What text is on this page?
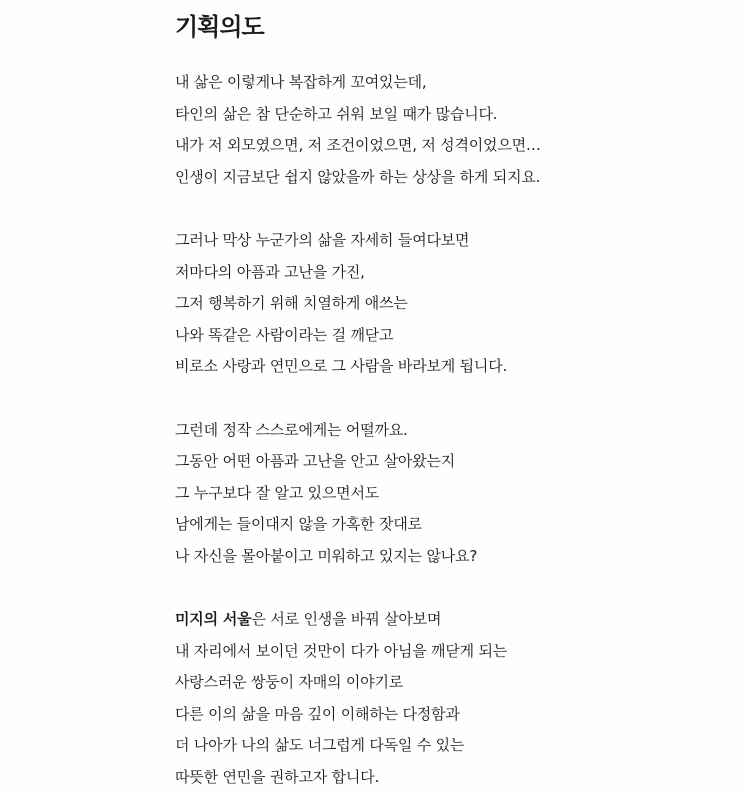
기획의도

내 삶은 이렇게나 복잡하게 꼬여있는데,
타인의 삶은 참 단순하고 쉬워 보일 때가 많습니다.
내가 저 외모였으면, 저 조건이었으면, 저 성격이었으면…
인생이 지금보단 쉽지 않았을까 하는 상상을 하게 되지요.

그러나 막상 누군가의 삶을 자세히 들여다보면
저마다의 아픔과 고난을 가진,
그저 행복하기 위해 치열하게 애쓰는
나와 똑같은 사람이라는 걸 깨닫고
비로소 사랑과 연민으로 그 사람을 바라보게 됩니다.

그런데 정작 스스로에게는 어떨까요.
그동안 어떤 아픔과 고난을 안고 살아왔는지
그 누구보다 잘 알고 있으면서도
남에게는 들이대지 않을 가혹한 잣대로
나 자신을 몰아붙이고 미워하고 있지는 않나요?

미지의 서울은 서로 인생을 바꿔 살아보며
내 자리에서 보이던 것만이 다가 아님을 깨닫게 되는
사랑스러운 쌍둥이 자매의 이야기로
다른 이의 삶을 마음 깊이 이해하는 다정함과
더 나아가 나의 삶도 너그럽게 다독일 수 있는
따뜻한 연민을 권하고자 합니다.
